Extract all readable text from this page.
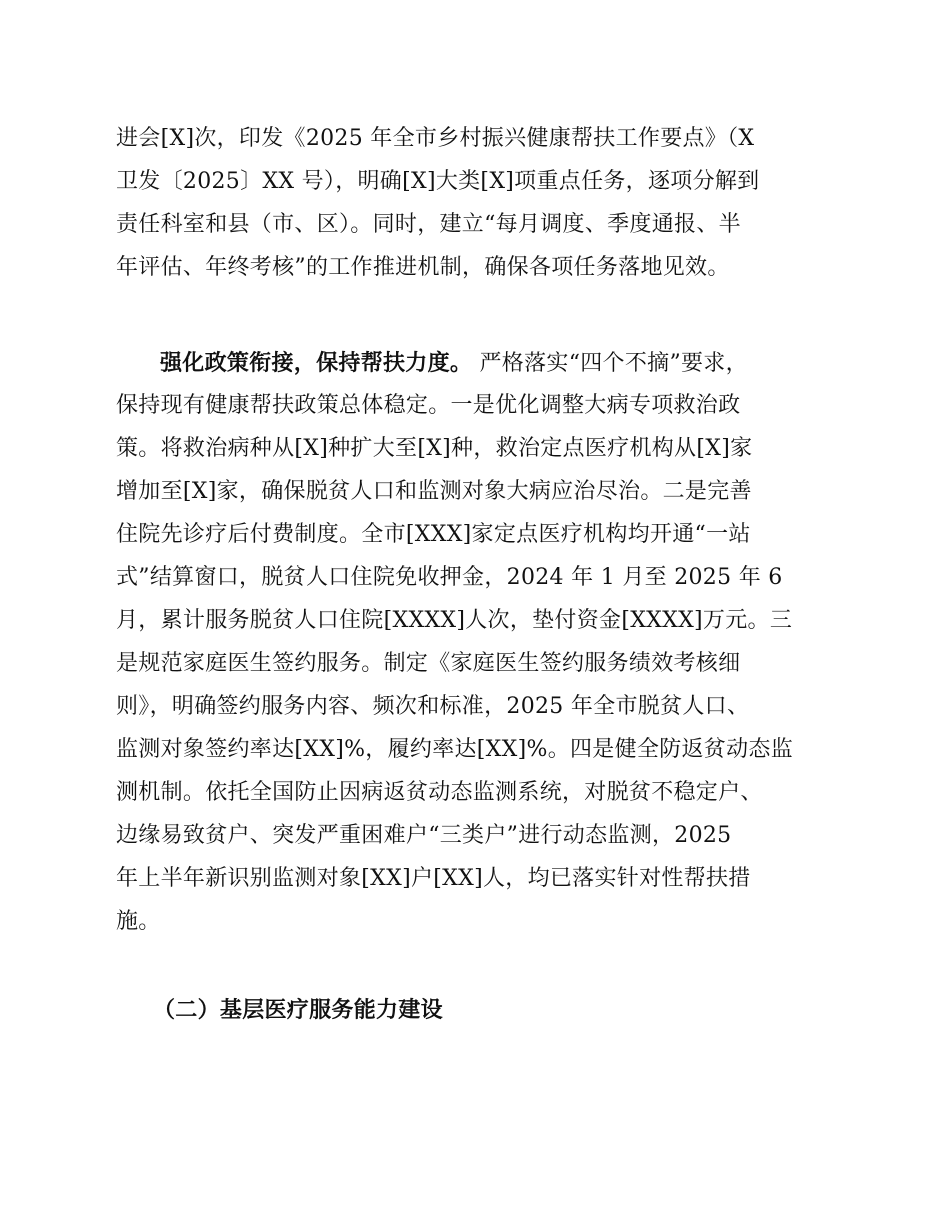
进会[X]次，印发《2025 年全市乡村振兴健康帮扶工作要点》（X
卫发〔2025〕XX 号），明确[X]大类[X]项重点任务，逐项分解到
责任科室和县（市、区）。同时，建立“每月调度、季度通报、半
年评估、年终考核”的工作推进机制，确保各项任务落地见效。
强化政策衔接，保持帮扶力度。 严格落实“四个不摘”要求，
保持现有健康帮扶政策总体稳定。一是优化调整大病专项救治政
策。将救治病种从[X]种扩大至[X]种，救治定点医疗机构从[X]家
增加至[X]家，确保脱贫人口和监测对象大病应治尽治。二是完善
住院先诊疗后付费制度。全市[XXX]家定点医疗机构均开通“一站
式”结算窗口，脱贫人口住院免收押金，2024 年 1 月至 2025 年 6
月，累计服务脱贫人口住院[XXXX]人次，垫付资金[XXXX]万元。三
是规范家庭医生签约服务。制定《家庭医生签约服务绩效考核细
则》，明确签约服务内容、频次和标准，2025 年全市脱贫人口、
监测对象签约率达[XX]%，履约率达[XX]%。四是健全防返贫动态监
测机制。依托全国防止因病返贫动态监测系统，对脱贫不稳定户、
边缘易致贫户、突发严重困难户“三类户”进行动态监测，2025
年上半年新识别监测对象[XX]户[XX]人，均已落实针对性帮扶措
施。
（二）基层医疗服务能力建设
